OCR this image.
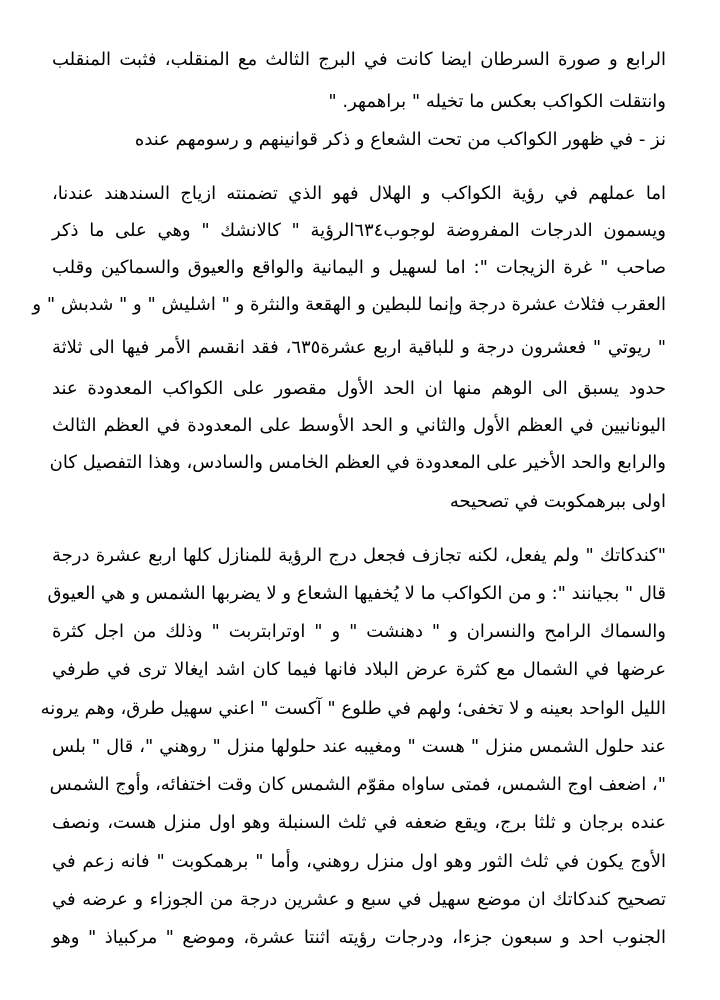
الرابع و صورة السرطان ايضا كانت في البرج الثالث مع المنقلب، فثبت المنقلب
وانتقلت الكواكب بعكس ما تخيله " براهمهر. "
نز - في ظهور الكواكب من تحت الشعاع و ذكر قوانينهم و رسومهم عنده
اما عملهم في رؤية الكواكب و الهلال فهو الذي تضمنته ازياج السندهند عندنا،
ويسمون الدرجات المفروضة لوجوب٦٣٤الرؤية " كالانشك " وهي على ما ذكر
صاحب " غرة الزيجات ": اما لسهيل و اليمانية والواقع والعيوق والسماكين وقلب
العقرب فثلاث عشرة درجة وإنما للبطين و الهقعة والنثرة و " اشليش " و " شدبش " و
" ريوتي " فعشرون درجة و للباقية اربع عشرة٦٣٥، فقد انقسم الأمر فيها الى ثلاثة
حدود يسبق الى الوهم منها ان الحد الأول مقصور على الكواكب المعدودة عند
اليونانيين في العظم الأول والثاني و الحد الأوسط على المعدودة في العظم الثالث
والرابع والحد الأخير على المعدودة في العظم الخامس والسادس، وهذا التفصيل كان
اولى ببرهمكوبت في تصحيحه
"كندكاتك " ولم يفعل، لكنه تجازف فجعل درج الرؤية للمنازل كلها اربع عشرة درجة
قال " بجيانند ": و من الكواكب ما لا يُخفيها الشعاع و لا يضربها الشمس و هي العيوق
والسماك الرامح والنسران و " دهنشت " و " اوترابتربت " وذلك من اجل كثرة
عرضها في الشمال مع كثرة عرض البلاد فانها فيما كان اشد ايغالا ترى في طرفي
الليل الواحد بعينه و لا تخفى؛ ولهم في طلوع " آكست " اعني سهيل طرق، وهم يرونه
عند حلول الشمس منزل " هست " ومغيبه عند حلولها منزل " روهني "، قال " بلس
"، اضعف اوج الشمس، فمتى ساواه مقوّم الشمس كان وقت اختفائه، وأوج الشمس
عنده برجان و ثلثا برج، ويقع ضعفه في ثلث السنبلة وهو اول منزل هست، ونصف
الأوج يكون في ثلث الثور وهو اول منزل روهني، وأما " برهمكوبت " فانه زعم في
تصحيح كندكاتك ان موضع سهيل في سبع و عشرين درجة من الجوزاء و عرضه في
الجنوب احد و سبعون جزءا، ودرجات رؤيته اثنتا عشرة، وموضع " مركبياذ " وهو
